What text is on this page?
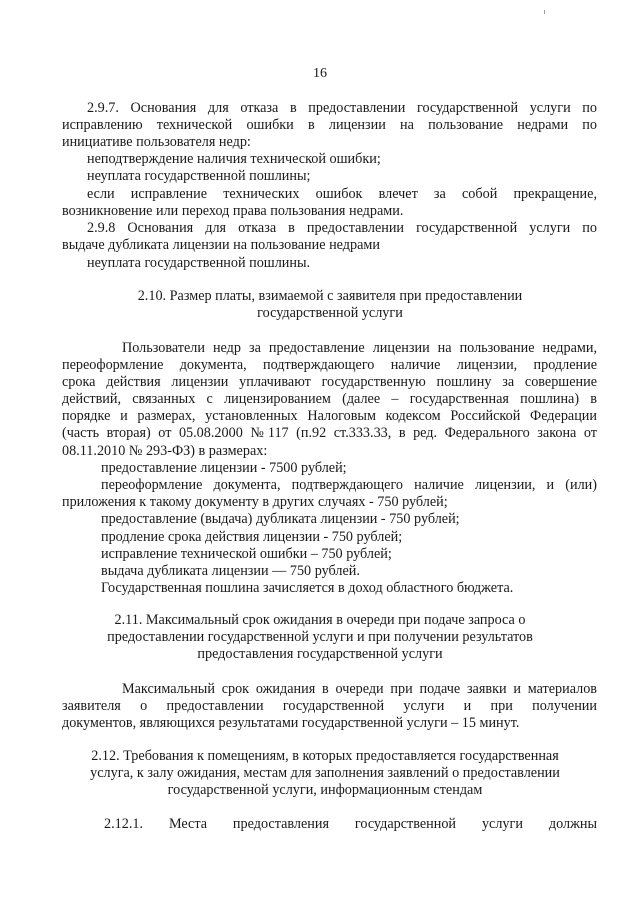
16
2.9.7. Основания для отказа в предоставлении государственной услуги по
исправлению технической ошибки в лицензии на пользование недрами по
инициативе пользователя недр:
неподтверждение наличия технической ошибки;
неуплата государственной пошлины;
если исправление технических ошибок влечет за собой прекращение,
возникновение или переход права пользования недрами.
2.9.8 Основания для отказа в предоставлении государственной услуги по
выдаче дубликата лицензии на пользование недрами
неуплата государственной пошлины.
2.10. Размер платы, взимаемой с заявителя при предоставлении
государственной услуги
Пользователи недр за предоставление лицензии на пользование недрами,
переоформление документа, подтверждающего наличие лицензии, продление
срока действия лицензии уплачивают государственную пошлину за совершение
действий, связанных с лицензированием (далее – государственная пошлина) в
порядке и размерах, установленных Налоговым кодексом Российской Федерации
(часть вторая) от 05.08.2000 №117 (п.92 ст.333.33, в ред. Федерального закона от
08.11.2010 № 293-ФЗ) в размерах:
предоставление лицензии - 7500 рублей;
переоформление документа, подтверждающего наличие лицензии, и (или)
приложения к такому документу в других случаях - 750 рублей;
предоставление (выдача) дубликата лицензии - 750 рублей;
продление срока действия лицензии - 750 рублей;
исправление технической ошибки – 750 рублей;
выдача дубликата лицензии — 750 рублей.
Государственная пошлина зачисляется в доход областного бюджета.
2.11. Максимальный срок ожидания в очереди при подаче запроса о
предоставлении государственной услуги и при получении результатов
предоставления государственной услуги
Максимальный срок ожидания в очереди при подаче заявки и материалов
заявителя о предоставлении государственной услуги и при получении
документов, являющихся результатами государственной услуги – 15 минут.
2.12. Требования к помещениям, в которых предоставляется государственная
услуга, к залу ожидания, местам для заполнения заявлений о предоставлении
государственной услуги, информационным стендам
2.12.1. Места предоставления государственной услуги должны
